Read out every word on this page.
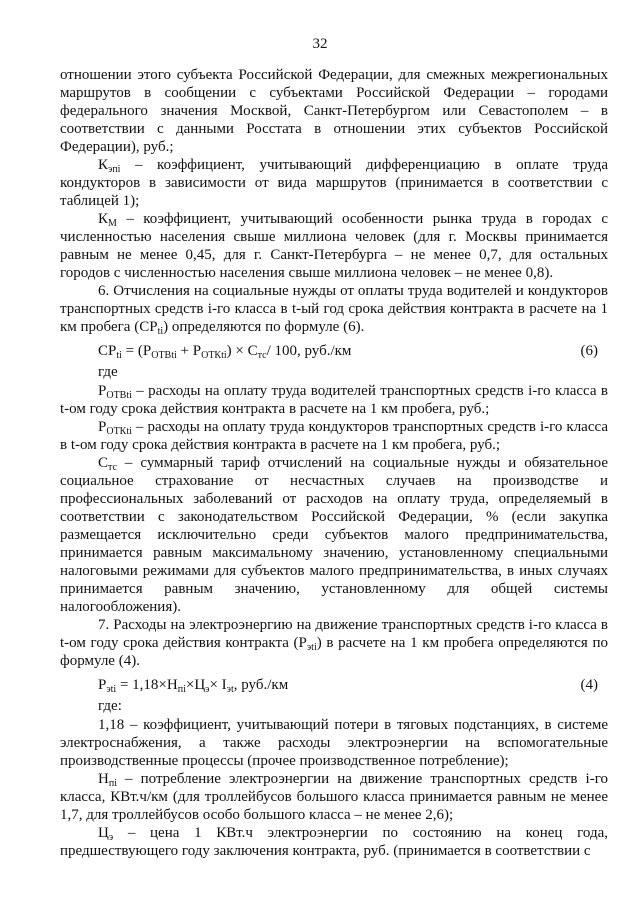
32

отношении этого субъекта Российской Федерации, для смежных межрегиональных маршрутов в сообщении с субъектами Российской Федерации – городами федерального значения Москвой, Санкт-Петербургом или Севастополем – в соответствии с данными Росстата в отношении этих субъектов Российской Федерации), руб.;

$К_{эпi}$ – коэффициент, учитывающий дифференциацию в оплате труда кондукторов в зависимости от вида маршрутов (принимается в соответствии с таблицей 1);

$К_М$ – коэффициент, учитывающий особенности рынка труда в городах с численностью населения свыше миллиона человек (для г. Москвы принимается равным не менее 0,45, для г. Санкт-Петербурга – не менее 0,7, для остальных городов с численностью населения свыше миллиона человек – не менее 0,8).

6. Отчисления на социальные нужды от оплаты труда водителей и кондукторов транспортных средств i-го класса в t-ый год срока действия контракта в расчете на 1 км пробега $(СР_{ti})$ определяются по формуле (6).

$СР_{ti} = (Р_{ОТВti} + Р_{ОТКti}) \times С_{тс}/$ 100, руб./км	(6)
где

$Р_{ОТВti}$ – расходы на оплату труда водителей транспортных средств i-го класса в t-ом году срока действия контракта в расчете на 1 км пробега, руб.;

$Р_{ОТКti}$ – расходы на оплату труда кондукторов транспортных средств i-го класса в t-ом году срока действия контракта в расчете на 1 км пробега, руб.;

$С_{тс}$ – суммарный тариф отчислений на социальные нужды и обязательное социальное страхование от несчастных случаев на производстве и профессиональных заболеваний от расходов на оплату труда, определяемый в соответствии с законодательством Российской Федерации, % (если закупка размещается исключительно среди субъектов малого предпринимательства, принимается равным максимальному значению, установленному специальными налоговыми режимами для субъектов малого предпринимательства, в иных случаях принимается равным значению, установленному для общей системы налогообложения).

7. Расходы на электроэнергию на движение транспортных средств i-го класса в t-ом году срока действия контракта $(Р_{эti})$ в расчете на 1 км пробега определяются по формуле (4).

$Р_{эti} = 1,18\times Н_{пi}\times Ц_э\times I_{эt}$, руб./км	(4)
где:

1,18 – коэффициент, учитывающий потери в тяговых подстанциях, в системе электроснабжения, а также расходы электроэнергии на вспомогательные производственные процессы (прочее производственное потребление);

$Н_{пi}$ – потребление электроэнергии на движение транспортных средств i-го класса, КВт.ч/км (для троллейбусов большого класса принимается равным не менее 1,7, для троллейбусов особо большого класса – не менее 2,6);

$Ц_э$ – цена 1 КВт.ч электроэнергии по состоянию на конец года, предшествующего году заключения контракта, руб. (принимается в соответствии с
